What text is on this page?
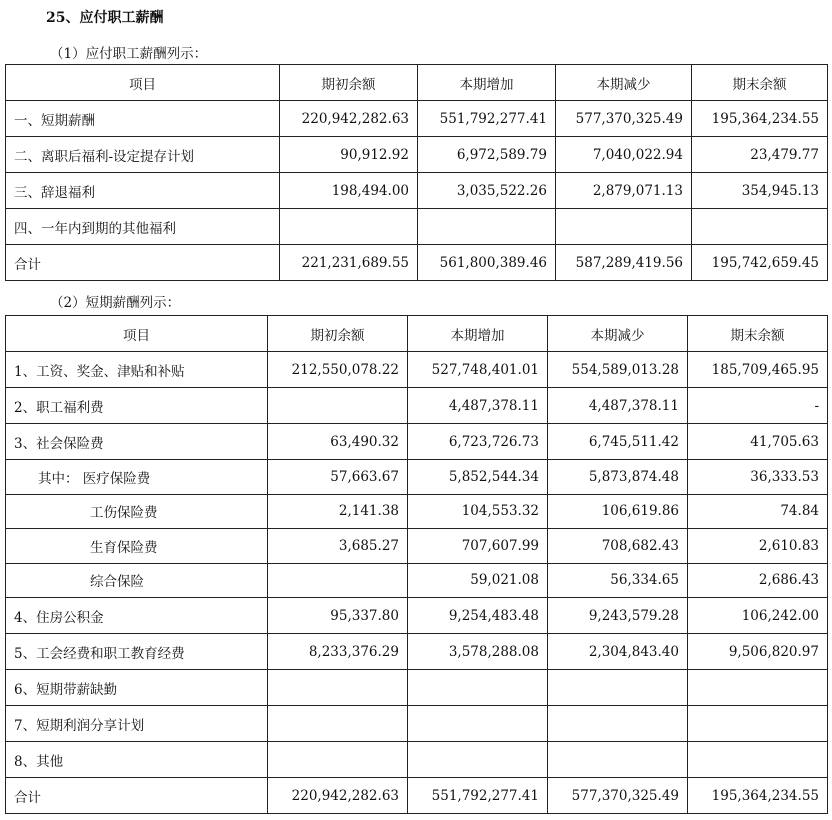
25、应付职工薪酬
（1）应付职工薪酬列示：
项目	期初余额	本期增加	本期减少	期末余额
一、短期薪酬	220,942,282.63	551,792,277.41	577,370,325.49	195,364,234.55
二、离职后福利-设定提存计划	90,912.92	6,972,589.79	7,040,022.94	23,479.77
三、辞退福利	198,494.00	3,035,522.26	2,879,071.13	354,945.13
四、一年内到期的其他福利				
合计	221,231,689.55	561,800,389.46	587,289,419.56	195,742,659.45
（2）短期薪酬列示：
项目	期初余额	本期增加	本期减少	期末余额
1、工资、奖金、津贴和补贴	212,550,078.22	527,748,401.01	554,589,013.28	185,709,465.95
2、职工福利费		4,487,378.11	4,487,378.11	-
3、社会保险费	63,490.32	6,723,726.73	6,745,511.42	41,705.63
其中： 医疗保险费	57,663.67	5,852,544.34	5,873,874.48	36,333.53
工伤保险费	2,141.38	104,553.32	106,619.86	74.84
生育保险费	3,685.27	707,607.99	708,682.43	2,610.83
综合保险		59,021.08	56,334.65	2,686.43
4、住房公积金	95,337.80	9,254,483.48	9,243,579.28	106,242.00
5、工会经费和职工教育经费	8,233,376.29	3,578,288.08	2,304,843.40	9,506,820.97
6、短期带薪缺勤				
7、短期利润分享计划				
8、其他				
合计	220,942,282.63	551,792,277.41	577,370,325.49	195,364,234.55
